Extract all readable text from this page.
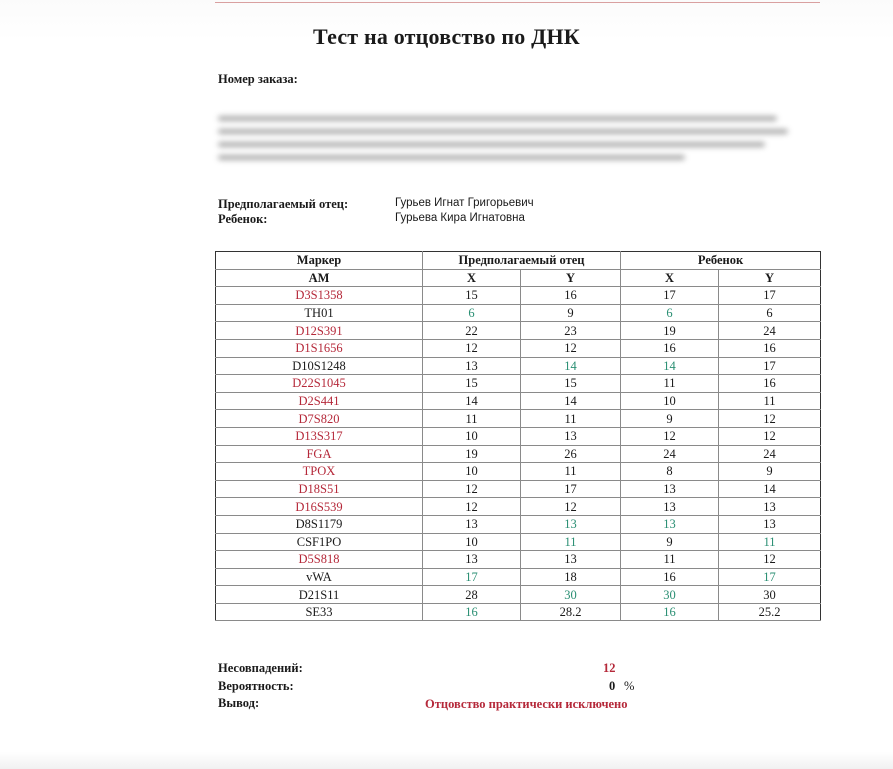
Тест на отцовство по ДНК
Номер заказа:
Предполагаемый отец:	Гурьев Игнат Григорьевич
Ребенок:	Гурьева Кира Игнатовна
Маркер	Предполагаемый отец		Ребенок	
AM	X	Y	X	Y
D3S1358	15	16	17	17
TH01	6	9	6	6
D12S391	22	23	19	24
D1S1656	12	12	16	16
D10S1248	13	14	14	17
D22S1045	15	15	11	16
D2S441	14	14	10	11
D7S820	11	11	9	12
D13S317	10	13	12	12
FGA	19	26	24	24
TPOX	10	11	8	9
D18S51	12	17	13	14
D16S539	12	12	13	13
D8S1179	13	13	13	13
CSF1PO	10	11	9	11
D5S818	13	13	11	12
vWA	17	18	16	17
D21S11	28	30	30	30
SE33	16	28.2	16	25.2
Несовпадений:	12
Вероятность:	0 %
Вывод:	Отцовство практически исключено
